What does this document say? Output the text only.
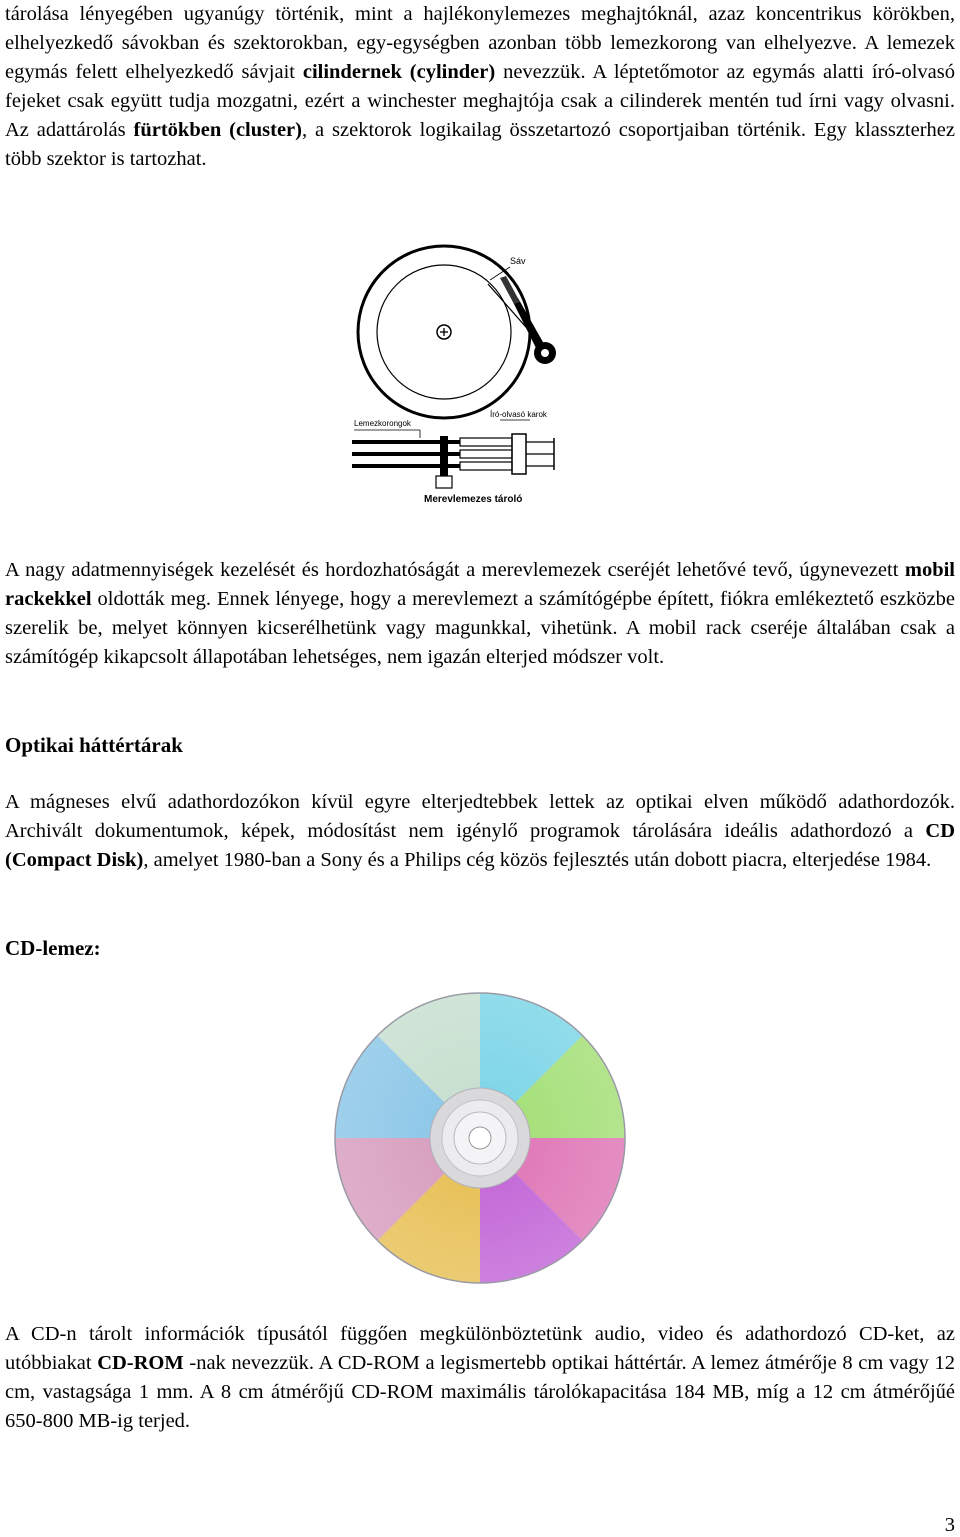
tárolása lényegében ugyanúgy történik, mint a hajlékonylemezes meghajtóknál, azaz koncentrikus körökben, elhelyezkedő sávokban és szektorokban, egy-egységben azonban több lemezkorong van elhelyezve. A lemezek egymás felett elhelyezkedő sávjait cilindernek (cylinder) nevezzük. A léptetőmotor az egymás alatti író-olvasó fejeket csak együtt tudja mozgatni, ezért a winchester meghajtója csak a cilinderek mentén tud írni vagy olvasni. Az adattárolás fürtökben (cluster), a szektorok logikailag összetartozó csoportjaiban történik. Egy klasszterhez több szektor is tartozhat.

Sáv
Lemezkorongok
Író-olvasó karok
Merevlemezes tároló

A nagy adatmennyiségek kezelését és hordozhatóságát a merevlemezek cseréjét lehetővé tevő, úgynevezett mobil rackekkel oldották meg. Ennek lényege, hogy a merevlemezt a számítógépbe épített, fiókra emlékeztető eszközbe szerelik be, melyet könnyen kicserélhetünk vagy magunkkal, vihetünk. A mobil rack cseréje általában csak a számítógép kikapcsolt állapotában lehetséges, nem igazán elterjed módszer volt.

Optikai háttértárak

A mágneses elvű adathordozókon kívül egyre elterjedtebbek lettek az optikai elven működő adathordozók. Archivált dokumentumok, képek, módosítást nem igénylő programok tárolására ideális adathordozó a CD (Compact Disk), amelyet 1980-ban a Sony és a Philips cég közös fejlesztés után dobott piacra, elterjedése 1984.

CD-lemez:

A CD-n tárolt információk típusától függően megkülönböztetünk audio, video és adathordozó CD-ket, az utóbbiakat CD-ROM -nak nevezzük. A CD-ROM a legismertebb optikai háttértár. A lemez átmérője 8 cm vagy 12 cm, vastagsága 1 mm. A 8 cm átmérőjű CD-ROM maximális tárolókapacitása 184 MB, míg a 12 cm átmérőjűé 650-800 MB-ig terjed.

3
